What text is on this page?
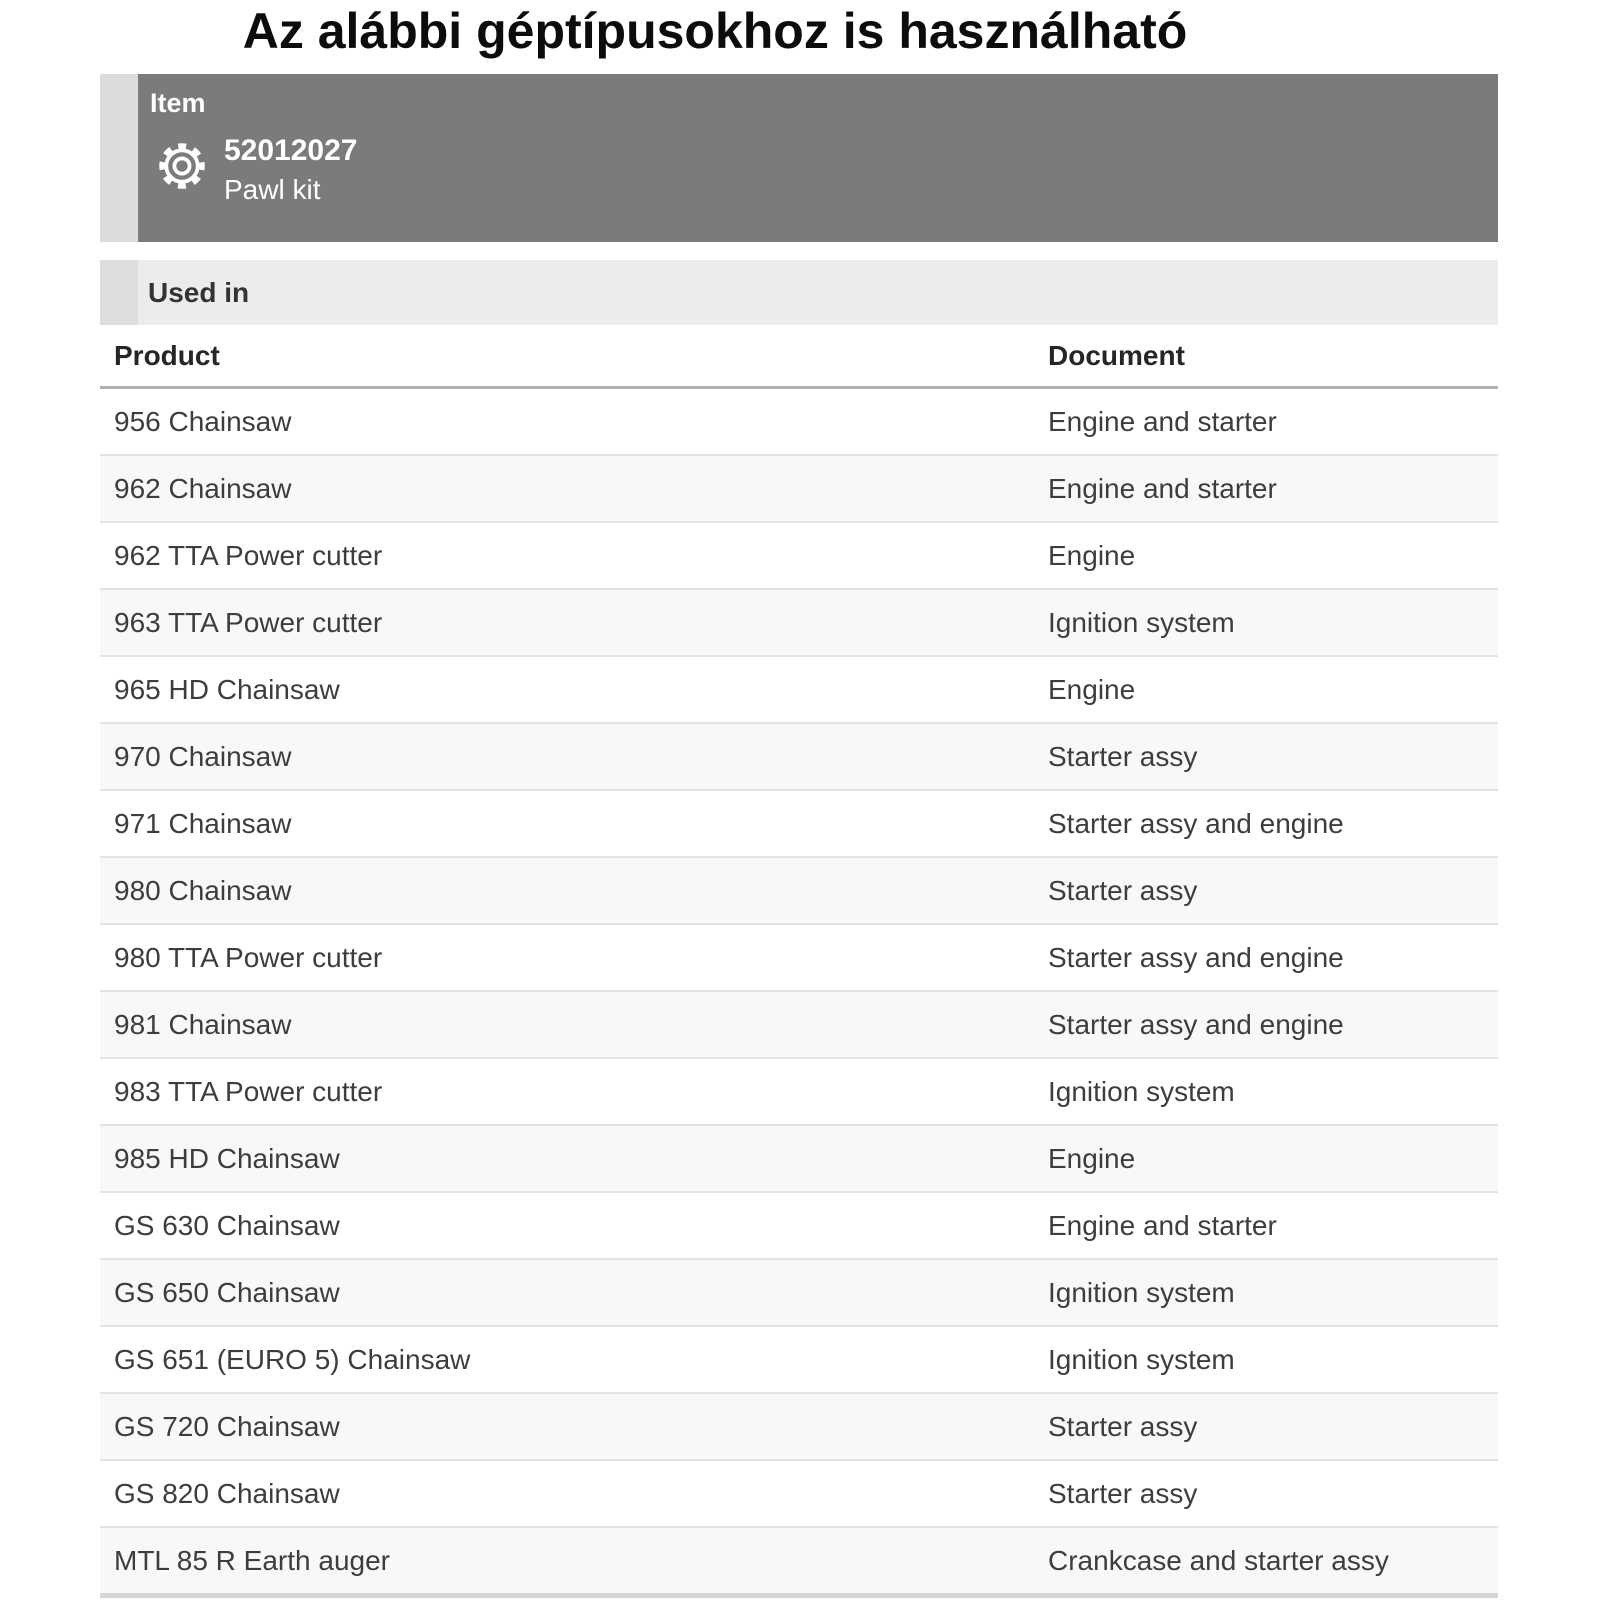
Az alábbi géptípusokhoz is használható
Item
52012027
Pawl kit
Used in
Product	Document
956 Chainsaw	Engine and starter
962 Chainsaw	Engine and starter
962 TTA Power cutter	Engine
963 TTA Power cutter	Ignition system
965 HD Chainsaw	Engine
970 Chainsaw	Starter assy
971 Chainsaw	Starter assy and engine
980 Chainsaw	Starter assy
980 TTA Power cutter	Starter assy and engine
981 Chainsaw	Starter assy and engine
983 TTA Power cutter	Ignition system
985 HD Chainsaw	Engine
GS 630 Chainsaw	Engine and starter
GS 650 Chainsaw	Ignition system
GS 651 (EURO 5) Chainsaw	Ignition system
GS 720 Chainsaw	Starter assy
GS 820 Chainsaw	Starter assy
MTL 85 R Earth auger	Crankcase and starter assy
